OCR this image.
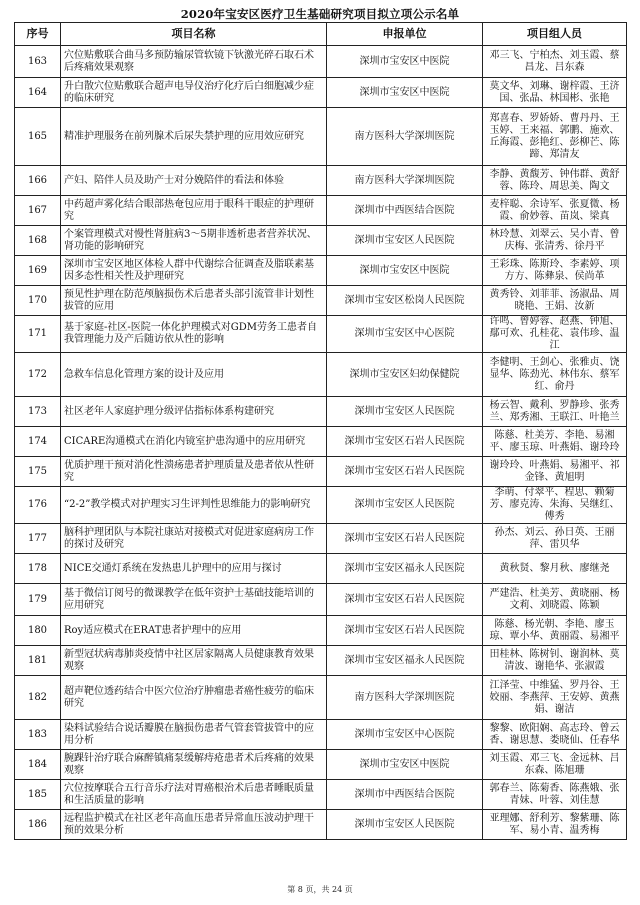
2020年宝安区医疗卫生基础研究项目拟立项公示名单
序号	项目名称	申报单位	项目组人员
163	穴位贴敷联合曲马多预防输尿管软镜下钬激光碎石取石术后疼痛效果观察	深圳市宝安区中医院	邓三飞、宁柏杰、刘玉霞、蔡昌龙、吕东森
164	升白散穴位贴敷联合超声电导仪治疗化疗后白细胞减少症的临床研究	深圳市宝安区中医院	莫文华、刘琳、谢梓霞、王济国、张晶、林国彬、张艳
165	精准护理服务在前列腺术后尿失禁护理的应用效应研究	南方医科大学深圳医院	郑喜春、罗娇娇、曹丹丹、王玉婷、王来福、郭鹏、施欢、丘海霞、彭艳红、彭柳芒、陈蹄、郑清友
166	产妇、陪伴人员及助产士对分娩陪伴的看法和体验	南方医科大学深圳医院	李静、黄馥芳、钟伟群、黄舒蓉、陈玲、周思美、陶文
167	中药超声雾化结合眼部热奄包应用于眼科干眼症的护理研究	深圳市中西医结合医院	麦梓聪、余诗军、张夏微、杨霞、俞妙蓉、苗岚、梁真
168	个案管理模式对慢性肾脏病3～5期非透析患者营养状况、肾功能的影响研究	深圳市宝安区人民医院	林玲慧、刘翠云、吴小青、曾庆梅、张清秀、徐丹平
169	深圳市宝安区地区体检人群中代谢综合征调查及脂联素基因多态性相关性及护理研究	深圳市宝安区中医院	王彩珠、陈斯玲、李素婷、项方方、陈彝泉、侯尚革
170	预见性护理在防范颅脑损伤术后患者头部引流管非计划性拔管的应用	深圳市宝安区松岗人民医院	黄秀铃、刘菲菲、汤淑晶、周晓艳、王娟、汝新
171	基于家庭-社区-医院一体化护理模式对GDM劳务工患者自我管理能力及产后随访依从性的影响	深圳市宝安区中心医院	许鸣、曾婷蓉、赵燕、钟旭、鄢可欢、孔桂花、袁伟珍、温江
172	急救车信息化管理方案的设计及应用	深圳市宝安区妇幼保健院	李健明、王剑心、张雅贞、饶显华、陈劲光、林伟东、蔡军红、俞丹
173	社区老年人家庭护理分级评估指标体系构建研究	深圳市宝安区人民医院	杨云智、戴利、罗静珍、张秀兰、郑秀湘、王联江、叶艳兰
174	CICARE沟通模式在消化内镜室护患沟通中的应用研究	深圳市宝安区石岩人民医院	陈慈、杜美芳、李艳、易湘平、廖玉琼、叶燕娟、谢玲玲
175	优质护理干预对消化性溃疡患者护理质量及患者依从性研究	深圳市宝安区石岩人民医院	谢玲玲、叶燕娟、易湘平、祁金锋、黄旭明
176	“2-2”教学模式对护理实习生评判性思维能力的影响研究	深圳市宝安区人民医院	李萌、付翠平、程思、赖菊芳、廖克涛、朱海、吴继红、傅秀
177	脑科护理团队与本院社康站对接模式对促进家庭病房工作的探讨及研究	深圳市宝安区石岩人民医院	孙杰、刘云、孙日英、王丽萍、雷贝华
178	NICE交通灯系统在发热患儿护理中的应用与探讨	深圳市宝安区福永人民医院	黄秋贤、黎月秋、廖继尧
179	基于微信订阅号的微课教学在低年资护士基础技能培训的应用研究	深圳市宝安区石岩人民医院	严建浩、杜美芳、黄晓丽、杨文莉、刘晓霞、陈颖
180	Roy适应模式在ERAT患者护理中的应用	深圳市宝安区石岩人民医院	陈慈、杨光朝、李艳、廖玉琼、覃小华、黄丽霞、易湘平
181	新型冠状病毒肺炎疫情中社区居家隔离人员健康教育效果观察	深圳市宝安区福永人民医院	田桂林、陈树钊、谢润林、莫清波、谢艳华、张淑霞
182	超声靶位透药结合中医穴位治疗肿瘤患者癌性疲劳的临床研究	南方医科大学深圳医院	江泽莹、中维猛、罗丹谷、王姣丽、李燕萍、王安婷、黄燕娟、谢洁
183	染料试验结合说话瓣膜在脑损伤患者气管套管拔管中的应用分析	深圳市宝安区中心医院	黎黎、欧阳娴、高志玲、曾云香、谢思慧、娄晓仙、任春华
184	腕踝针治疗联合麻醉镇痛泵缓解痔疮患者术后疼痛的效果观察	深圳市宝安区中医院	刘玉霞、邓三飞、金远林、吕东森、陈旭珊
185	穴位按摩联合五行音乐疗法对胃癌根治术后患者睡眠质量和生活质量的影响	深圳市中西医结合医院	郭春兰、陈菊香、陈燕娥、张青妹、叶蓉、刘佳慧
186	远程监护模式在社区老年高血压患者异常血压波动护理干预的效果分析	深圳市宝安区人民医院	亚理娜、舒利芳、黎紫珊、陈军、易小青、温秀梅
第 8 页，共 24 页
